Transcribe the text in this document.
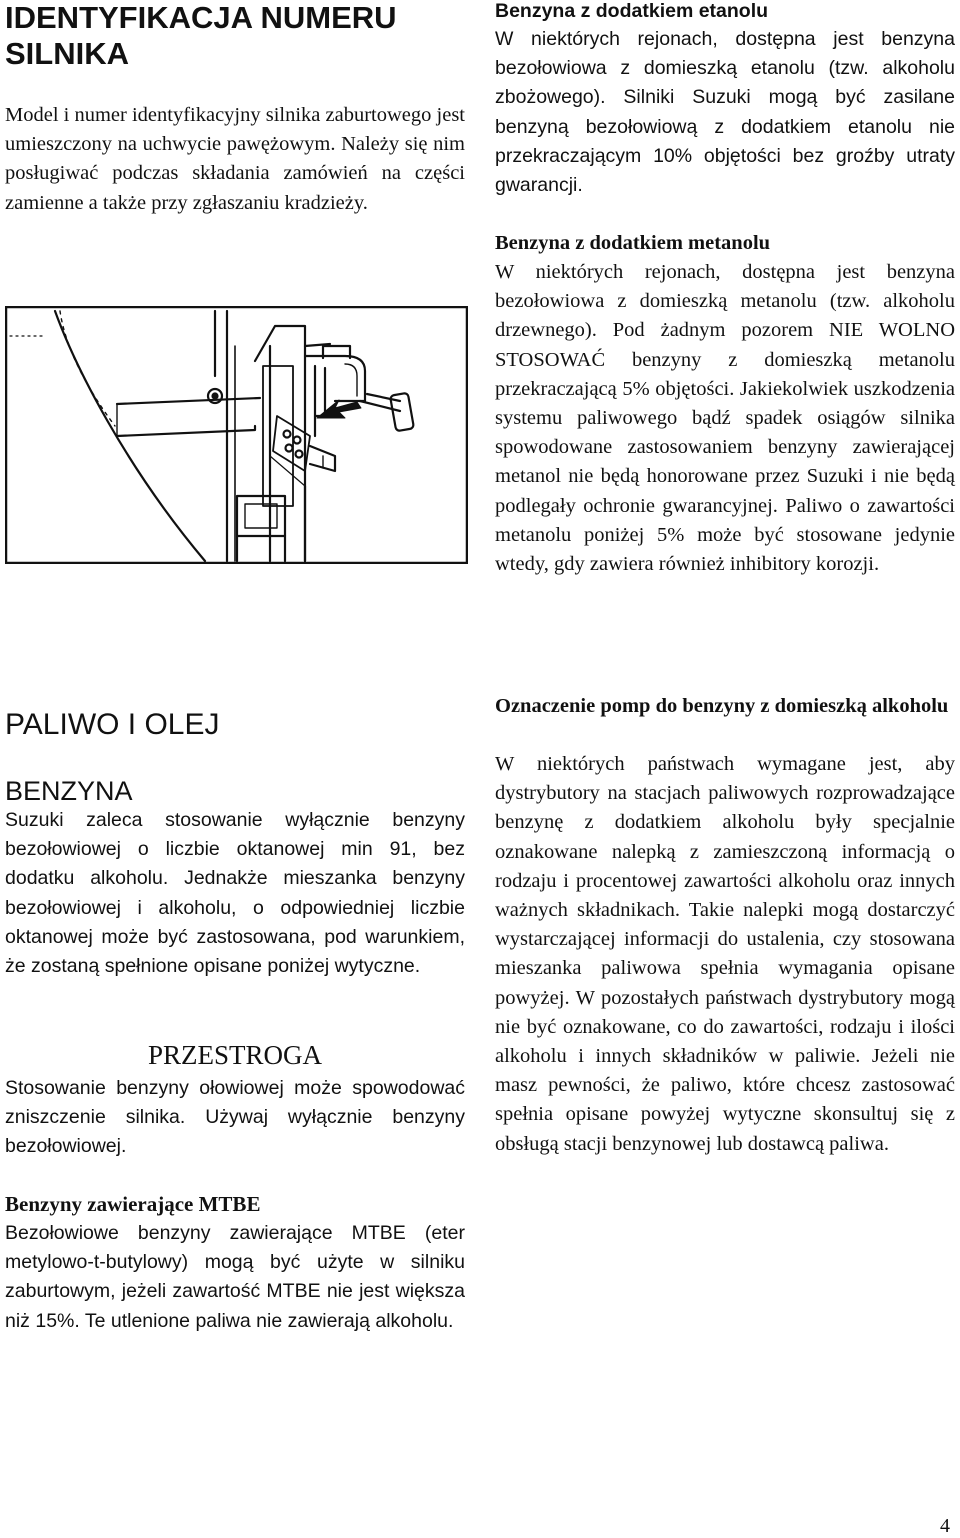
IDENTYFIKACJA NUMERU SILNIKA
Model i numer identyfikacyjny silnika zaburtowego jest umieszczony na uchwycie pawężowym. Należy się nim posługiwać podczas składania zamówień na części zamienne a także przy zgłaszaniu kradzieży.
PALIWO I OLEJ
BENZYNA
Suzuki zaleca stosowanie wyłącznie benzyny bezołowiowej o liczbie oktanowej min 91, bez dodatku alkoholu. Jednakże mieszanka benzyny bezołowiowej i alkoholu, o odpowiedniej liczbie oktanowej może być zastosowana, pod warunkiem, że zostaną spełnione opisane poniżej wytyczne.
PRZESTROGA
Stosowanie benzyny ołowiowej może spowodować zniszczenie silnika. Używaj wyłącznie benzyny bezołowiowej.
Benzyny zawierające MTBE
Bezołowiowe benzyny zawierające MTBE (eter metylowo-t-butylowy) mogą być użyte w silniku zaburtowym, jeżeli zawartość MTBE nie jest większa niż 15%. Te utlenione paliwa nie zawierają alkoholu.
Benzyna z dodatkiem etanolu
W niektórych rejonach, dostępna jest benzyna bezołowiowa z domieszką etanolu (tzw. alkoholu zbożowego). Silniki Suzuki mogą być zasilane benzyną bezołowiową z dodatkiem etanolu nie przekraczającym 10% objętości bez groźby utraty gwarancji.
Benzyna z dodatkiem metanolu
W niektórych rejonach, dostępna jest benzyna bezołowiowa z domieszką metanolu (tzw. alkoholu drzewnego). Pod żadnym pozorem NIE WOLNO STOSOWAĆ benzyny z domieszką metanolu przekraczającą 5% objętości. Jakiekolwiek uszkodzenia systemu paliwowego bądź spadek osiągów silnika spowodowane zastosowaniem benzyny zawierającej metanol nie będą honorowane przez Suzuki i nie będą podlegały ochronie gwarancyjnej. Paliwo o zawartości metanolu poniżej 5% może być stosowane jedynie wtedy, gdy zawiera również inhibitory korozji.
Oznaczenie pomp do benzyny z domieszką alkoholu
W niektórych państwach wymagane jest, aby dystrybutory na stacjach paliwowych rozprowadzające benzynę z dodatkiem alkoholu były specjalnie oznakowane nalepką z zamieszczoną informacją o rodzaju i procentowej zawartości alkoholu oraz innych ważnych składnikach. Takie nalepki mogą dostarczyć wystarczającej informacji do ustalenia, czy stosowana mieszanka paliwowa spełnia wymagania opisane powyżej. W pozostałych państwach dystrybutory mogą nie być oznakowane, co do zawartości, rodzaju i ilości alkoholu i innych składników w paliwie. Jeżeli nie masz pewności, że paliwo, które chcesz zastosować spełnia opisane powyżej wytyczne skonsultuj się z obsługą stacji benzynowej lub dostawcą paliwa.
4
